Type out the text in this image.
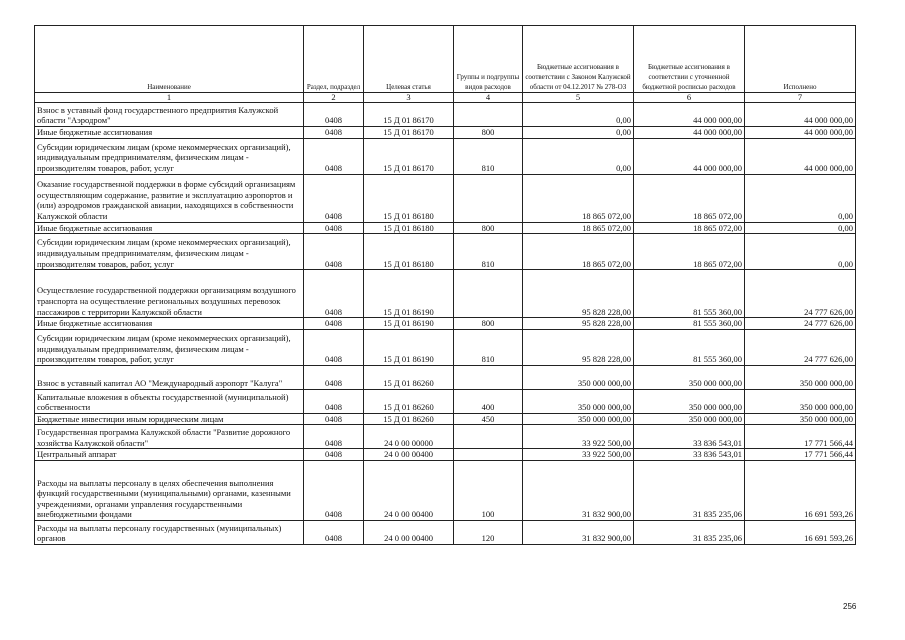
Наименование	Раздел, подраздел	Целевая статья	Группы и подгруппы видов расходов	Бюджетные ассигнования в соответствии с Законом Калужской области от 04.12.2017 № 278-ОЗ	Бюджетные ассигнования в соответствии с уточненной бюджетной росписью расходов	Исполнено
1	2	3	4	5	6	7
Взнос в уставный фонд государственного предприятия Калужской области "Аэродром"	0408	15 Д 01 86170		0,00	44 000 000,00	44 000 000,00
Иные бюджетные ассигнования	0408	15 Д 01 86170	800	0,00	44 000 000,00	44 000 000,00
Субсидии юридическим лицам (кроме некоммерческих организаций), индивидуальным предпринимателям, физическим лицам - производителям товаров, работ, услуг	0408	15 Д 01 86170	810	0,00	44 000 000,00	44 000 000,00
Оказание государственной поддержки в форме субсидий организациям осуществляющим содержание, развитие и эксплуатацию аэропортов и (или) аэродромов гражданской авиации, находящихся в собственности Калужской области	0408	15 Д 01 86180		18 865 072,00	18 865 072,00	0,00
Иные бюджетные ассигнования	0408	15 Д 01 86180	800	18 865 072,00	18 865 072,00	0,00
Субсидии юридическим лицам (кроме некоммерческих организаций), индивидуальным предпринимателям, физическим лицам - производителям товаров, работ, услуг	0408	15 Д 01 86180	810	18 865 072,00	18 865 072,00	0,00
Осуществление государственной поддержки организациям воздушного транспорта на осуществление региональных воздушных перевозок пассажиров с территории Калужской области	0408	15 Д 01 86190		95 828 228,00	81 555 360,00	24 777 626,00
Иные бюджетные ассигнования	0408	15 Д 01 86190	800	95 828 228,00	81 555 360,00	24 777 626,00
Субсидии юридическим лицам (кроме некоммерческих организаций), индивидуальным предпринимателям, физическим лицам - производителям товаров, работ, услуг	0408	15 Д 01 86190	810	95 828 228,00	81 555 360,00	24 777 626,00
Взнос в уставный капитал АО "Международный аэропорт "Калуга"	0408	15 Д 01 86260		350 000 000,00	350 000 000,00	350 000 000,00
Капитальные вложения в объекты государственной (муниципальной) собственности	0408	15 Д 01 86260	400	350 000 000,00	350 000 000,00	350 000 000,00
Бюджетные инвестиции иным юридическим лицам	0408	15 Д 01 86260	450	350 000 000,00	350 000 000,00	350 000 000,00
Государственная программа Калужской области "Развитие дорожного хозяйства Калужской области"	0408	24 0 00 00000		33 922 500,00	33 836 543,01	17 771 566,44
Центральный аппарат	0408	24 0 00 00400		33 922 500,00	33 836 543,01	17 771 566,44
Расходы на выплаты персоналу в целях обеспечения выполнения функций государственными (муниципальными) органами, казенными учреждениями, органами управления государственными внебюджетными фондами	0408	24 0 00 00400	100	31 832 900,00	31 835 235,06	16 691 593,26
Расходы на выплаты персоналу государственных (муниципальных) органов	0408	24 0 00 00400	120	31 832 900,00	31 835 235,06	16 691 593,26
256
